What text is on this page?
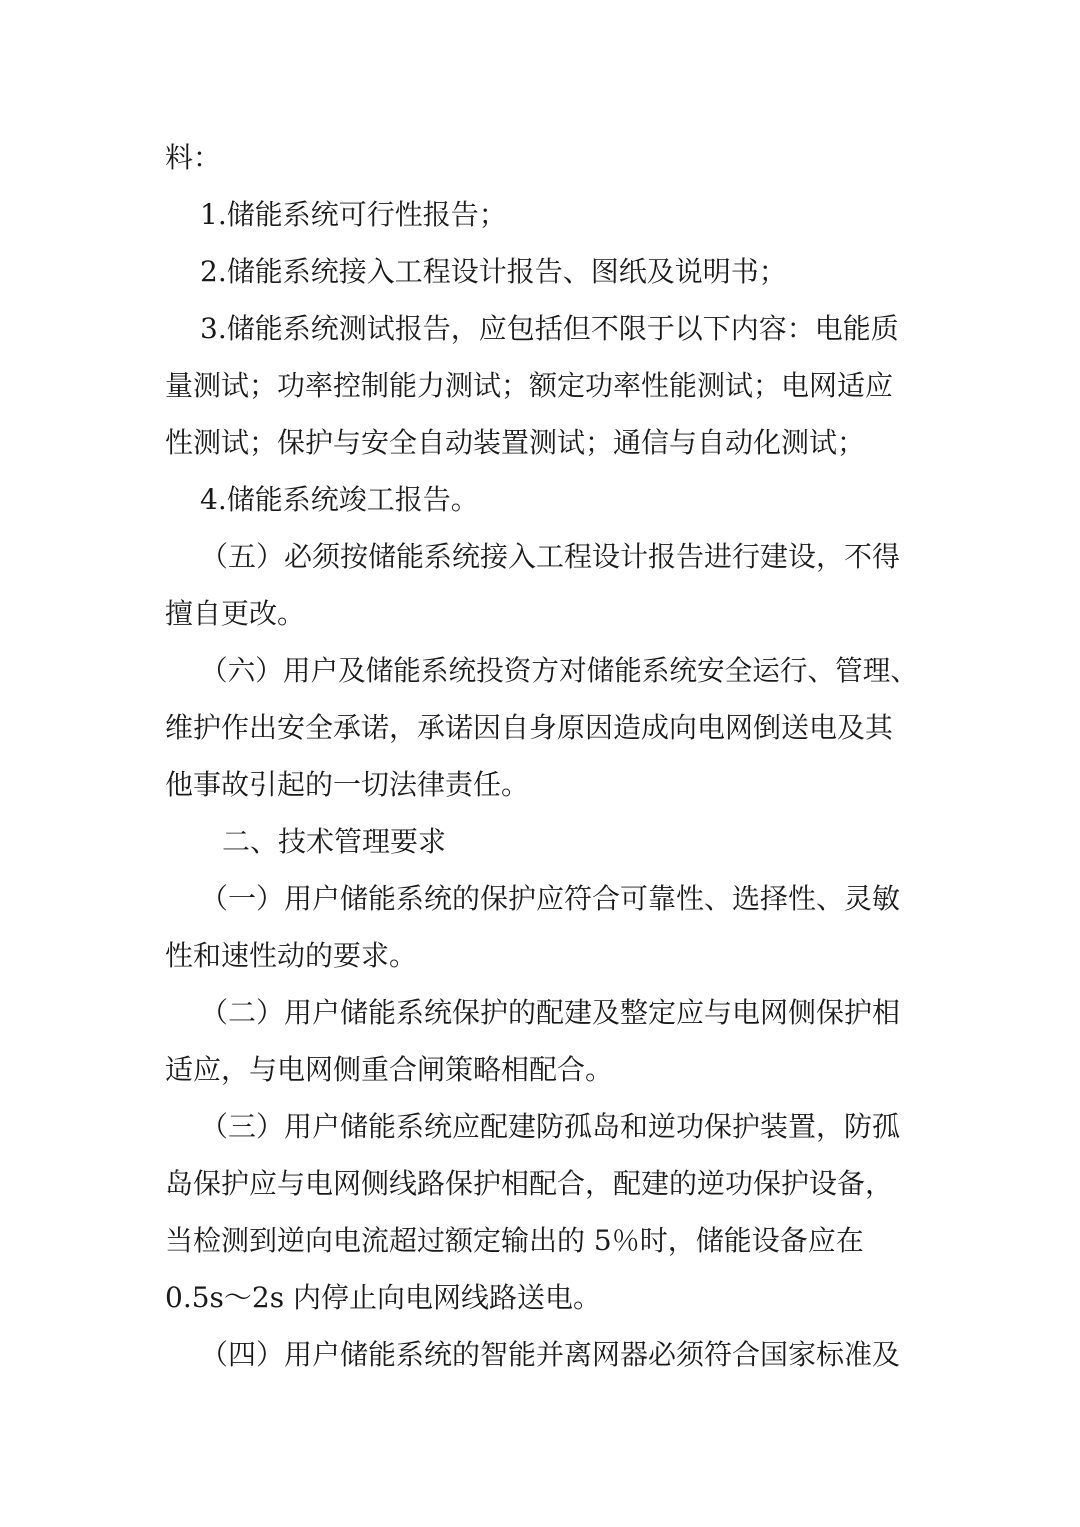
料：

1.储能系统可行性报告；

2.储能系统接入工程设计报告、图纸及说明书；

3.储能系统测试报告，应包括但不限于以下内容：电能质

量测试；功率控制能力测试；额定功率性能测试；电网适应

性测试；保护与安全自动装置测试；通信与自动化测试；

4.储能系统竣工报告。

（五）必须按储能系统接入工程设计报告进行建设，不得

擅自更改。

（六）用户及储能系统投资方对储能系统安全运行、管理、

维护作出安全承诺，承诺因自身原因造成向电网倒送电及其

他事故引起的一切法律责任。

二、技术管理要求

（一）用户储能系统的保护应符合可靠性、选择性、灵敏

性和速性动的要求。

（二）用户储能系统保护的配建及整定应与电网侧保护相

适应，与电网侧重合闸策略相配合。

（三）用户储能系统应配建防孤岛和逆功保护装置，防孤

岛保护应与电网侧线路保护相配合，配建的逆功保护设备，

当检测到逆向电流超过额定输出的 5％时，储能设备应在

0.5s～2s 内停止向电网线路送电。

（四）用户储能系统的智能并离网器必须符合国家标准及
